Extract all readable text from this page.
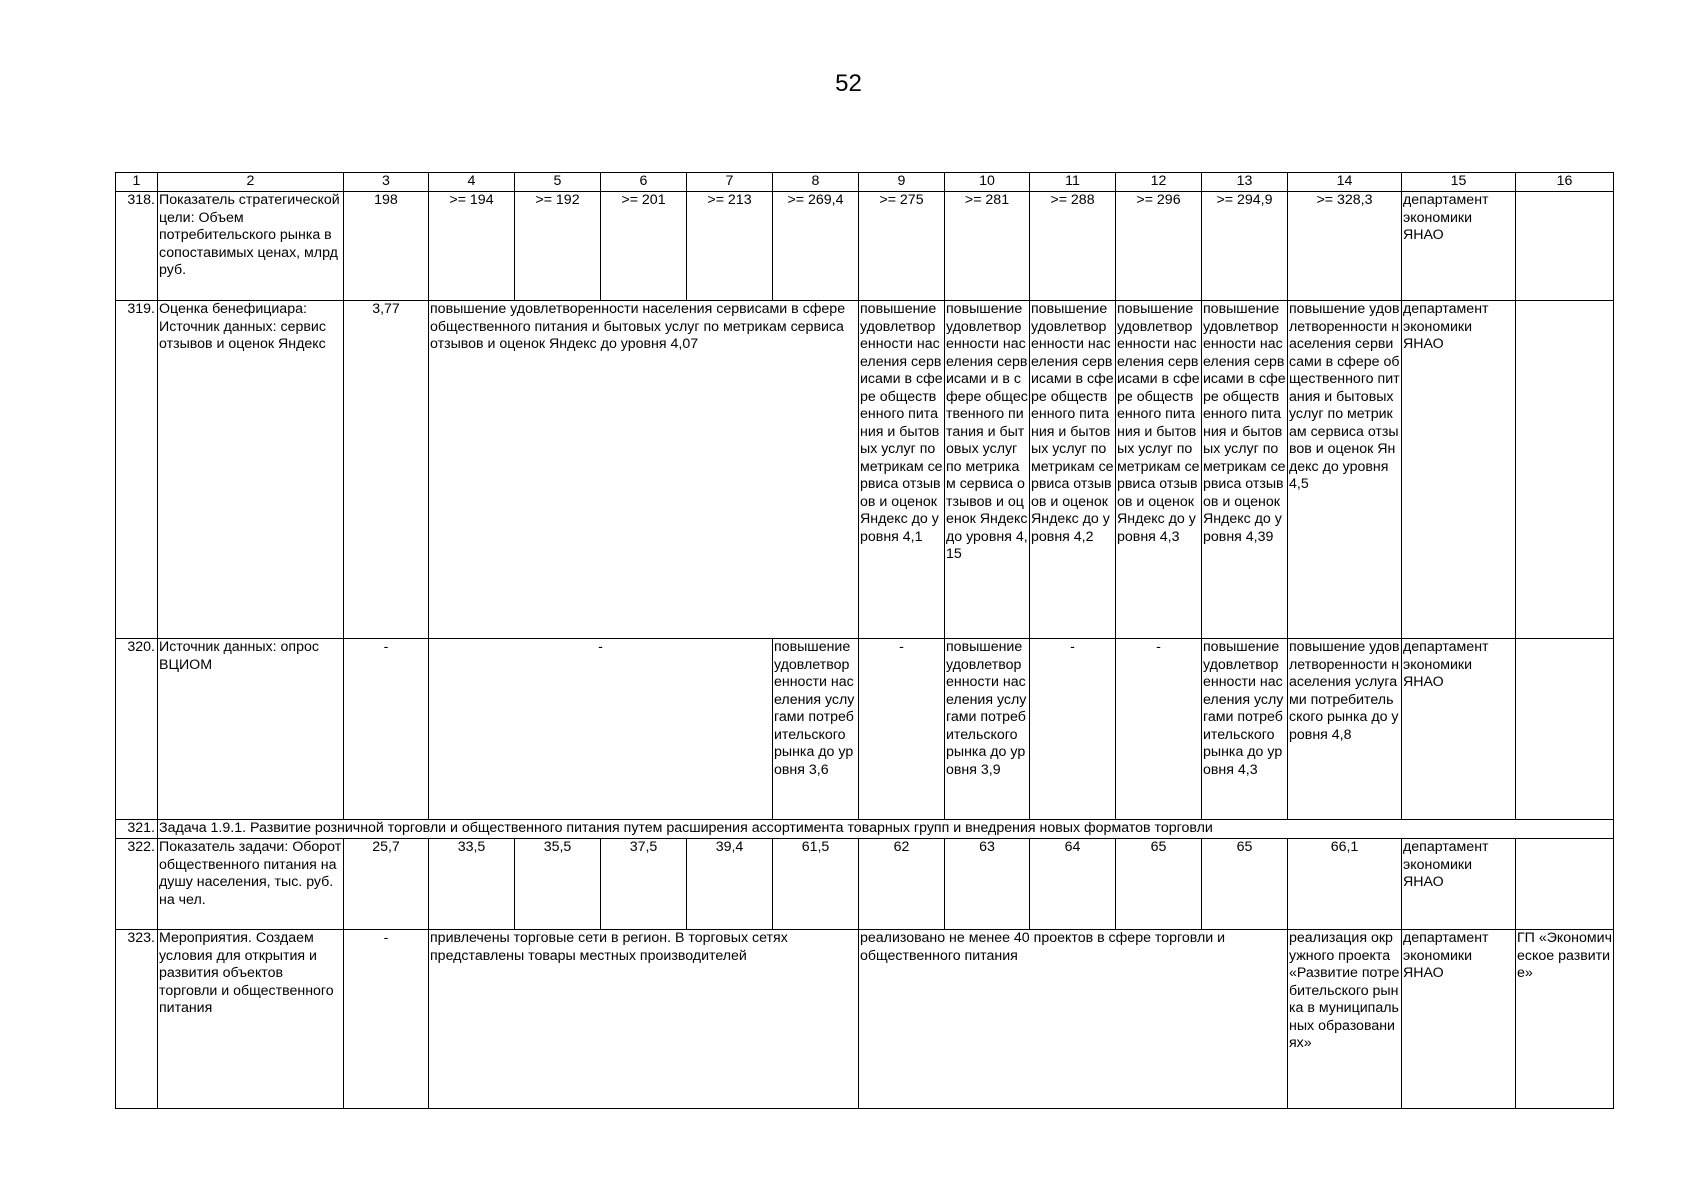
52
1	2	3	4	5	6	7	8	9	10	11	12	13	14	15	16
318.	Показатель стратегической цели: Объем потребительского рынка в сопоставимых ценах, млрд руб.	198	>= 194	>= 192	>= 201	>= 213	>= 269,4	>= 275	>= 281	>= 288	>= 296	>= 294,9	>= 328,3	департамент экономики ЯНАО	
319.	Оценка бенефициара: Источник данных: сервис отзывов и оценок Яндекс	3,77	повышение удовлетворенности населения сервисами в сфере общественного питания и бытовых услуг по метрикам сервиса отзывов и оценок Яндекс до уровня 4,07					повышение удовлетворенности населения сервисами в сфере общественного питания и бытовых услуг по метрикам сервиса отзывов и оценок Яндекс до уровня 4,1	повышение удовлетворенности населения сервисами и в сфере общественного питания и бытовых услуг по метрикам сервиса отзывов и оценок Яндекс до уровня 4,15	повышение удовлетворенности населения сервисами в сфере общественного питания и бытовых услуг по метрикам сервиса отзывов и оценок Яндекс до уровня 4,2	повышение удовлетворенности населения сервисами в сфере общественного питания и бытовых услуг по метрикам сервиса отзывов и оценок Яндекс до уровня 4,3	повышение удовлетворенности населения сервисами в сфере общественного питания и бытовых услуг по метрикам сервиса отзывов и оценок Яндекс до уровня 4,39	повышение удовлетворенности населения сервисами в сфере общественного питания и бытовых услуг по метрикам сервиса отзывов и оценок Яндекс до уровня 4,5	департамент экономики ЯНАО	
320.	Источник данных: опрос ВЦИОМ	-	-				повышение удовлетворенности населения услугами потребительского рынка до уровня 3,6	-	повышение удовлетворенности населения услугами потребительского рынка до уровня 3,9	-	-	повышение удовлетворенности населения услугами потребительского рынка до уровня 4,3	повышение удовлетворенности населения услугами потребительского рынка до уровня 4,8	департамент экономики ЯНАО	
321.	Задача 1.9.1. Развитие розничной торговли и общественного питания путем расширения ассортимента товарных групп и внедрения новых форматов торговли														
322.	Показатель задачи: Оборот общественного питания на душу населения, тыс. руб. на чел.	25,7	33,5	35,5	37,5	39,4	61,5	62	63	64	65	65	66,1	департамент экономики ЯНАО	
323.	Мероприятия. Создаем условия для открытия и развития объектов торговли и общественного питания	-	привлечены торговые сети в регион. В торговых сетях представлены товары местных производителей					реализовано не менее 40 проектов в сфере торговли и общественного питания					реализация окружного проекта «Развитие потребительского рынка в муниципальных образованиях»	департамент экономики ЯНАО	ГП «Экономическое развитие»
